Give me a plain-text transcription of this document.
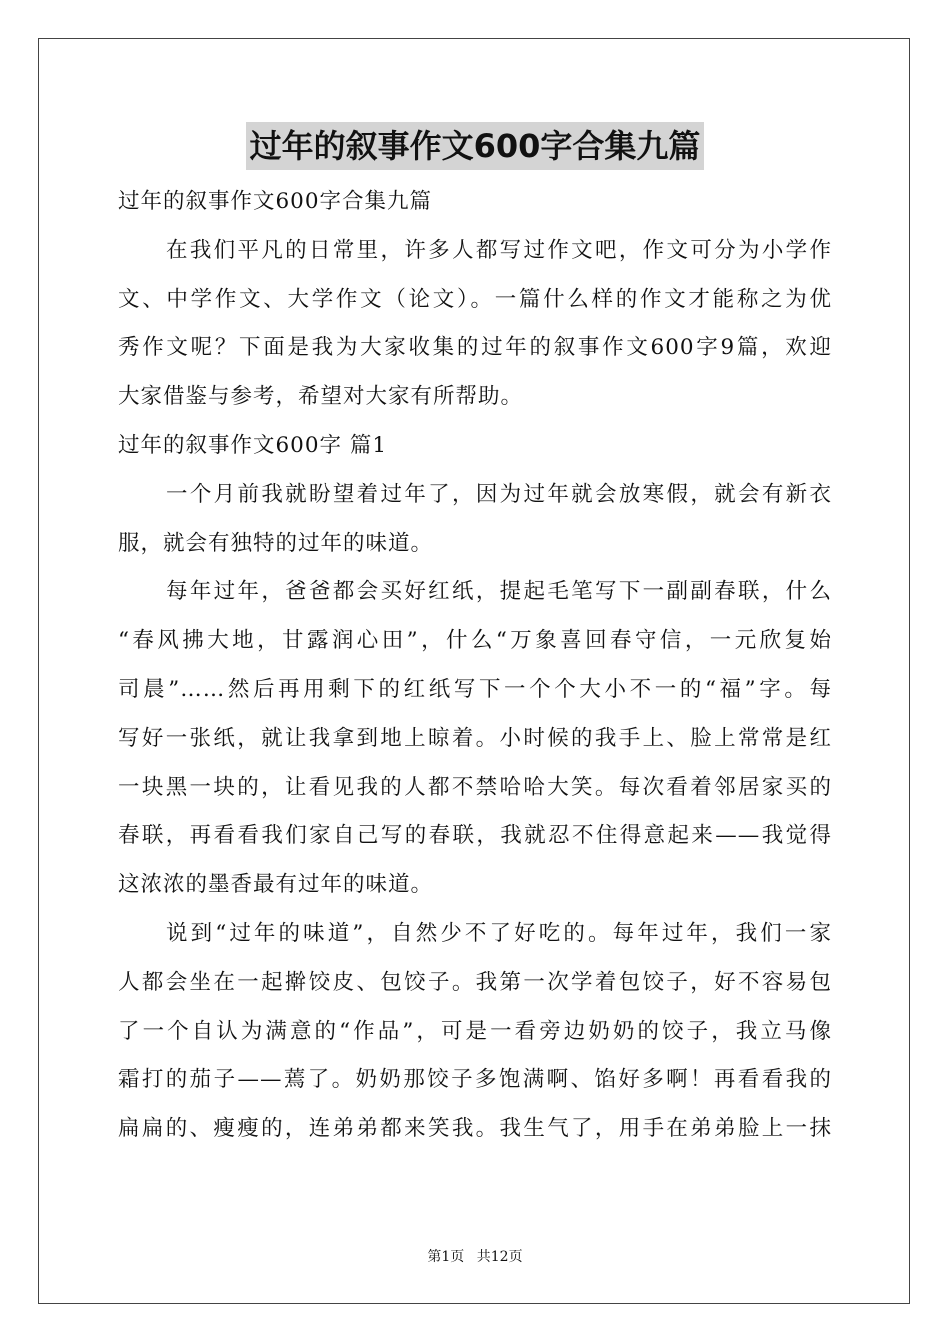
过年的叙事作文600字合集九篇
过年的叙事作文600字合集九篇
在我们平凡的日常里，许多人都写过作文吧，作文可分为小学作
文、中学作文、大学作文（论文）。一篇什么样的作文才能称之为优
秀作文呢？下面是我为大家收集的过年的叙事作文600字9篇，欢迎
大家借鉴与参考，希望对大家有所帮助。
过年的叙事作文600字 篇1
一个月前我就盼望着过年了，因为过年就会放寒假，就会有新衣
服，就会有独特的过年的味道。
每年过年，爸爸都会买好红纸，提起毛笔写下一副副春联，什么
“春风拂大地，甘露润心田”，什么“万象喜回春守信，一元欣复始
司晨”……然后再用剩下的红纸写下一个个大小不一的“福”字。每
写好一张纸，就让我拿到地上晾着。小时候的我手上、脸上常常是红
一块黑一块的，让看见我的人都不禁哈哈大笑。每次看着邻居家买的
春联，再看看我们家自己写的春联，我就忍不住得意起来——我觉得
这浓浓的墨香最有过年的味道。
说到“过年的味道”，自然少不了好吃的。每年过年，我们一家
人都会坐在一起擀饺皮、包饺子。我第一次学着包饺子，好不容易包
了一个自认为满意的“作品”，可是一看旁边奶奶的饺子，我立马像
霜打的茄子——蔫了。奶奶那饺子多饱满啊、馅好多啊！再看看我的
扁扁的、瘦瘦的，连弟弟都来笑我。我生气了，用手在弟弟脸上一抹
第1页 共12页
